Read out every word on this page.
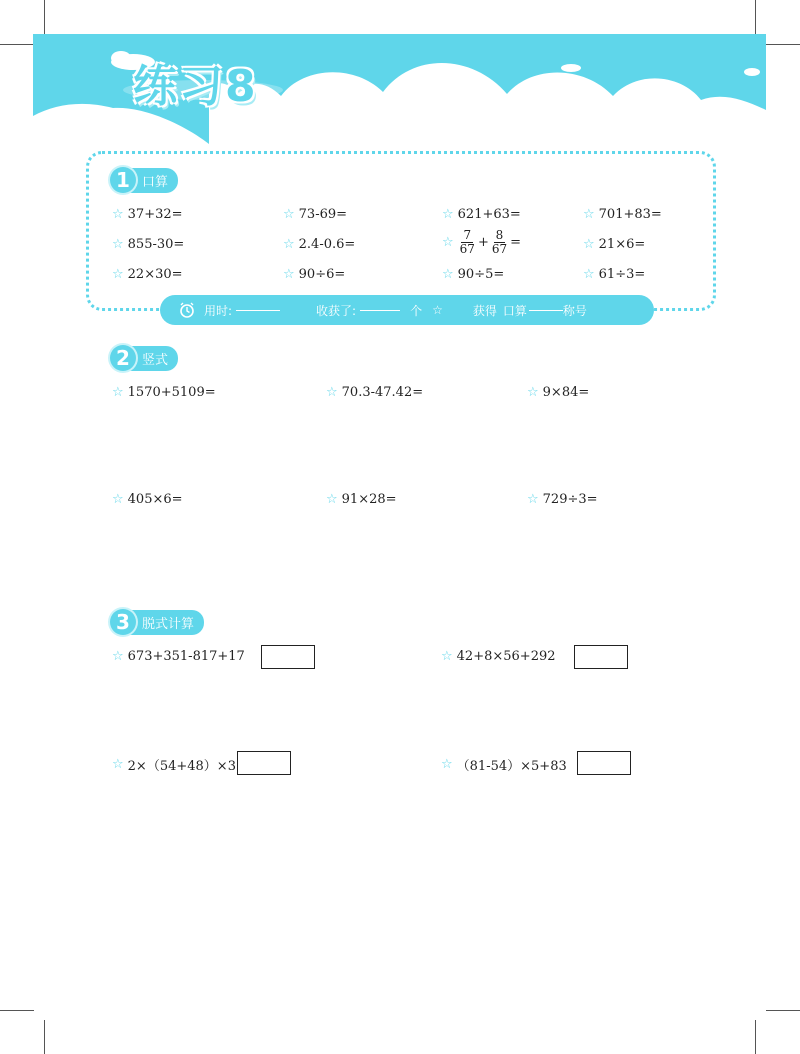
练习8
1 口算
☆ 37+32=	☆ 73-69=	☆ 621+63=	☆ 701+83=
☆ 855-30=	☆ 2.4-0.6=	☆ $\frac{7}{67} + \frac{8}{67}$ =	☆ 21×6=
☆ 22×30=	☆ 90÷6=	☆ 90÷5=	☆ 61÷3=
用时:	收获了:	个 ☆	获得 口算	称号
2 竖式
☆ 1570+5109=	☆ 70.3-47.42=	☆ 9×84=
☆ 405×6=	☆ 91×28=	☆ 729÷3=
3 脱式计算
☆ 673+351-817+17	☆ 42+8×56+292
☆ 2×（54+48）×3	☆ （81-54）×5+83
